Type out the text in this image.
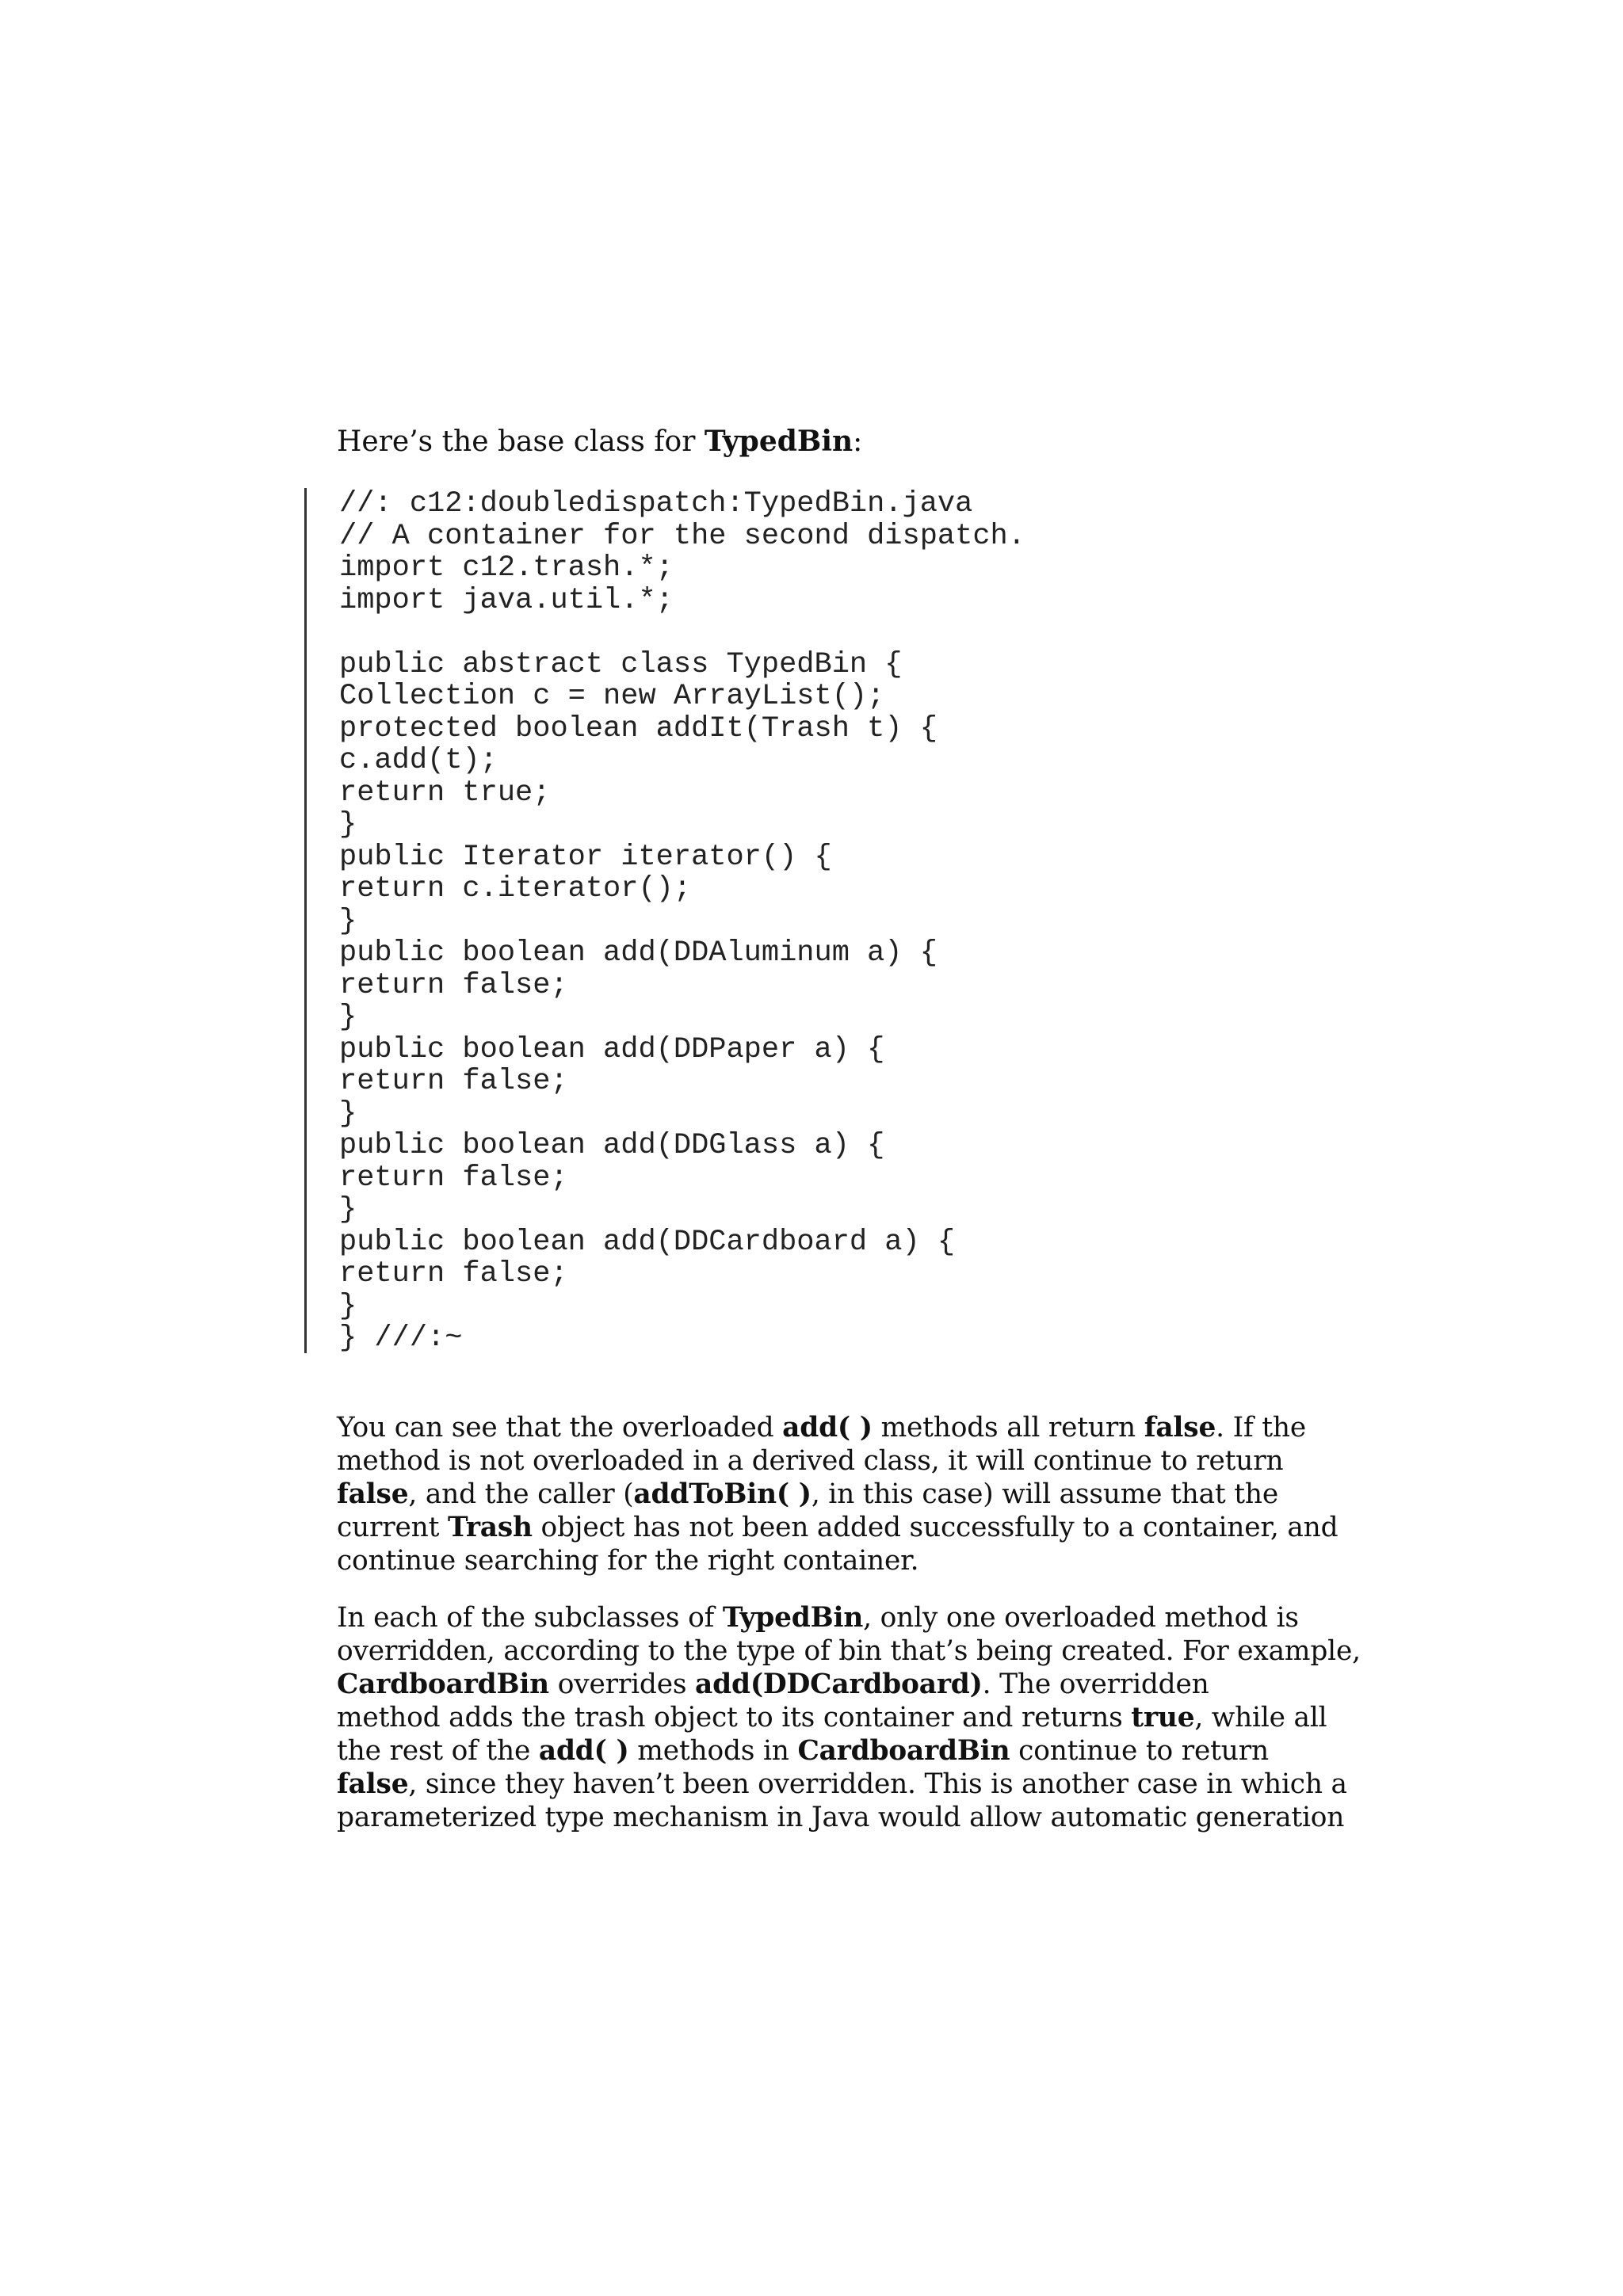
Here’s the base class for TypedBin:

//: c12:doubledispatch:TypedBin.java
// A container for the second dispatch.
import c12.trash.*;
import java.util.*;

public abstract class TypedBin {
Collection c = new ArrayList();
protected boolean addIt(Trash t) {
c.add(t);
return true;
}
public Iterator iterator() {
return c.iterator();
}
public boolean add(DDAluminum a) {
return false;
}
public boolean add(DDPaper a) {
return false;
}
public boolean add(DDGlass a) {
return false;
}
public boolean add(DDCardboard a) {
return false;
}
} ///:~

You can see that the overloaded add( ) methods all return false. If the
method is not overloaded in a derived class, it will continue to return
false, and the caller (addToBin( ), in this case) will assume that the
current Trash object has not been added successfully to a container, and
continue searching for the right container.

In each of the subclasses of TypedBin, only one overloaded method is
overridden, according to the type of bin that’s being created. For example,
CardboardBin overrides add(DDCardboard). The overridden
method adds the trash object to its container and returns true, while all
the rest of the add( ) methods in CardboardBin continue to return
false, since they haven’t been overridden. This is another case in which a
parameterized type mechanism in Java would allow automatic generation
